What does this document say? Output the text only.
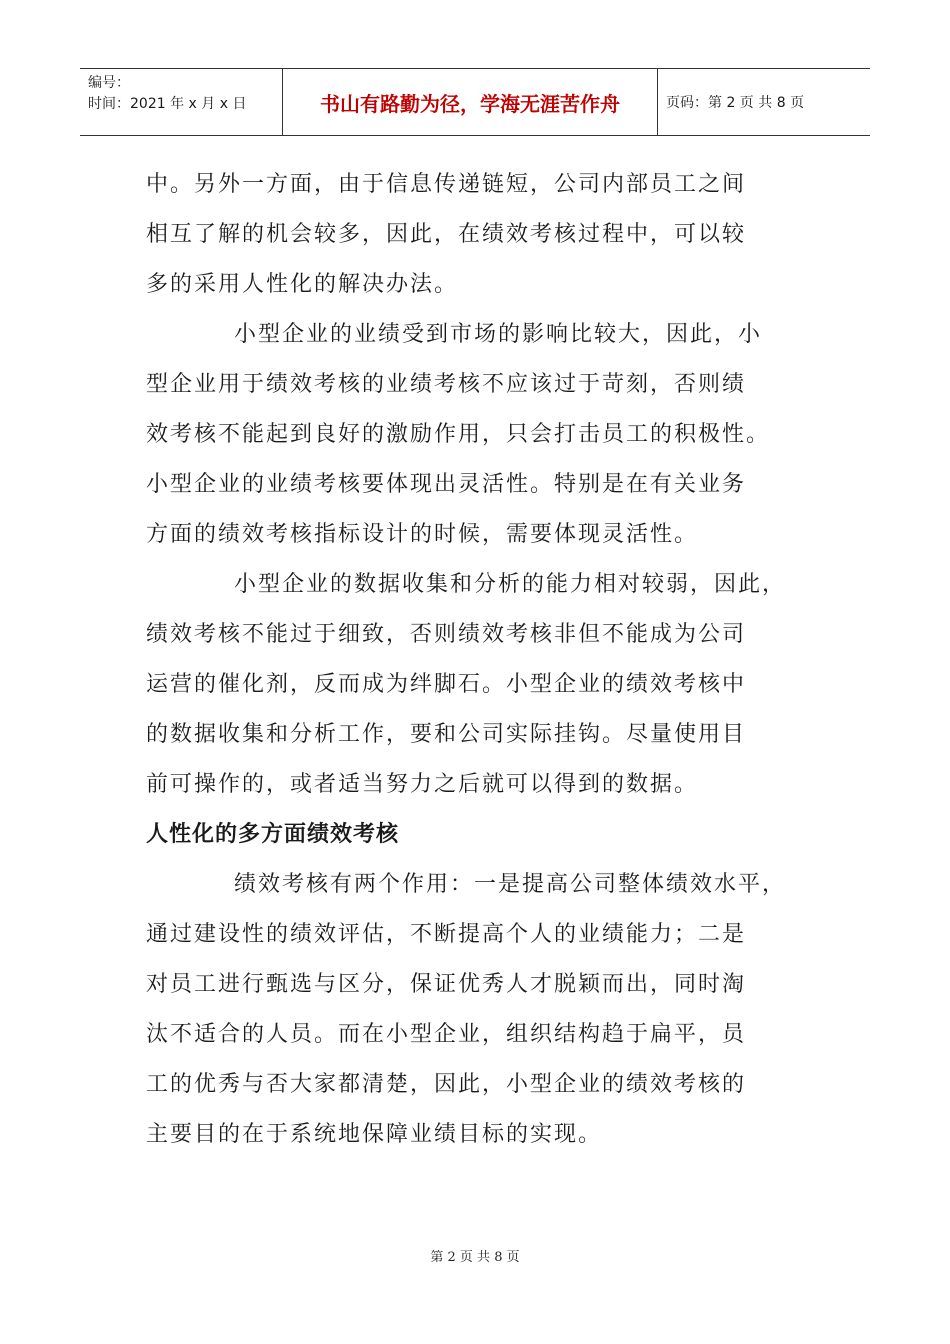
编号：
时间：2021 年 x 月 x 日	书山有路勤为径，学海无涯苦作舟	页码：第 2 页 共 8 页
中。另外一方面，由于信息传递链短，公司内部员工之间
相互了解的机会较多，因此，在绩效考核过程中，可以较
多的采用人性化的解决办法。
小型企业的业绩受到市场的影响比较大，因此，小
型企业用于绩效考核的业绩考核不应该过于苛刻，否则绩
效考核不能起到良好的激励作用，只会打击员工的积极性。
小型企业的业绩考核要体现出灵活性。特别是在有关业务
方面的绩效考核指标设计的时候，需要体现灵活性。
小型企业的数据收集和分析的能力相对较弱，因此，
绩效考核不能过于细致，否则绩效考核非但不能成为公司
运营的催化剂，反而成为绊脚石。小型企业的绩效考核中
的数据收集和分析工作，要和公司实际挂钩。尽量使用目
前可操作的，或者适当努力之后就可以得到的数据。
人性化的多方面绩效考核
绩效考核有两个作用：一是提高公司整体绩效水平，
通过建设性的绩效评估，不断提高个人的业绩能力；二是
对员工进行甄选与区分，保证优秀人才脱颖而出，同时淘
汰不适合的人员。而在小型企业，组织结构趋于扁平，员
工的优秀与否大家都清楚，因此，小型企业的绩效考核的
主要目的在于系统地保障业绩目标的实现。
第 2 页 共 8 页
